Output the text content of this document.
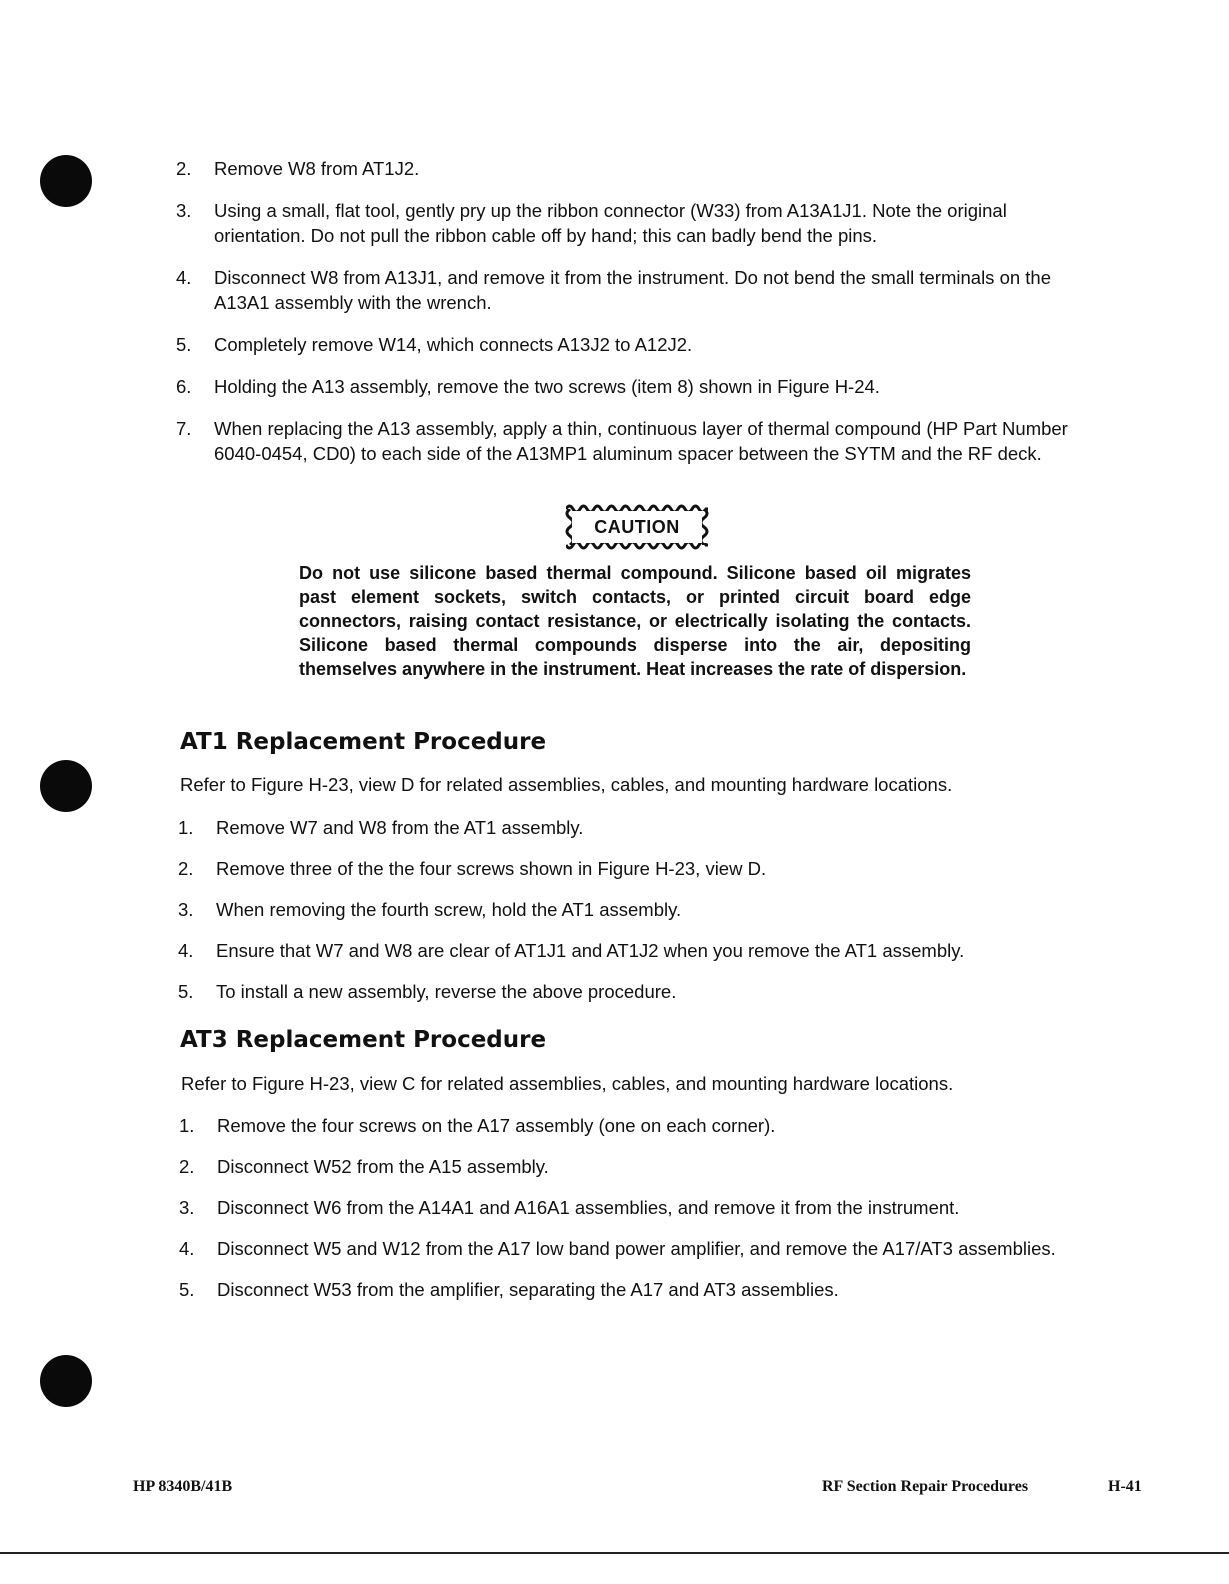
2. Remove W8 from AT1J2.
3. Using a small, flat tool, gently pry up the ribbon connector (W33) from A13A1J1. Note the original orientation. Do not pull the ribbon cable off by hand; this can badly bend the pins.
4. Disconnect W8 from A13J1, and remove it from the instrument. Do not bend the small terminals on the A13A1 assembly with the wrench.
5. Completely remove W14, which connects A13J2 to A12J2.
6. Holding the A13 assembly, remove the two screws (item 8) shown in Figure H-24.
7. When replacing the A13 assembly, apply a thin, continuous layer of thermal compound (HP Part Number 6040-0454, CD0) to each side of the A13MP1 aluminum spacer between the SYTM and the RF deck.
CAUTION

Do not use silicone based thermal compound. Silicone based oil migrates past element sockets, switch contacts, or printed circuit board edge connectors, raising contact resistance, or electrically isolating the contacts. Silicone based thermal compounds disperse into the air, depositing themselves anywhere in the instrument. Heat increases the rate of dispersion.

AT1 Replacement Procedure

Refer to Figure H-23, view D for related assemblies, cables, and mounting hardware locations.

1. Remove W7 and W8 from the AT1 assembly.
2. Remove three of the the four screws shown in Figure H-23, view D.
3. When removing the fourth screw, hold the AT1 assembly.
4. Ensure that W7 and W8 are clear of AT1J1 and AT1J2 when you remove the AT1 assembly.
5. To install a new assembly, reverse the above procedure.
AT3 Replacement Procedure

Refer to Figure H-23, view C for related assemblies, cables, and mounting hardware locations.

1. Remove the four screws on the A17 assembly (one on each corner).
2. Disconnect W52 from the A15 assembly.
3. Disconnect W6 from the A14A1 and A16A1 assemblies, and remove it from the instrument.
4. Disconnect W5 and W12 from the A17 low band power amplifier, and remove the A17/AT3 assemblies.
5. Disconnect W53 from the amplifier, separating the A17 and AT3 assemblies.
HP 8340B/41B	RF Section Repair Procedures	H-41
